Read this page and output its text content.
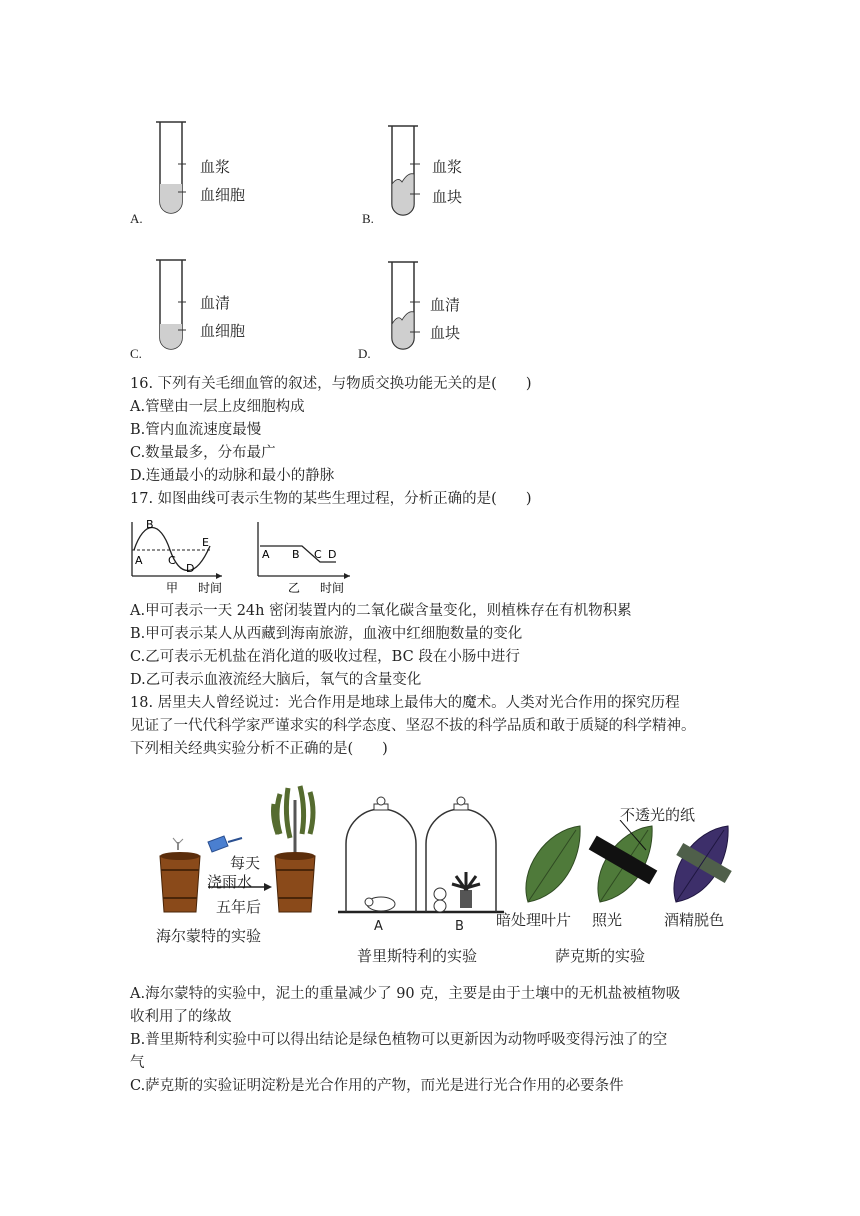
血浆
血细胞
A.
血浆
血块
B.
血清
血细胞
C.
血清
血块
D.
16. 下列有关毛细血管的叙述，与物质交换功能无关的是(　　)
A.管壁由一层上皮细胞构成
B.管内血流速度最慢
C.数量最多，分布最广
D.连通最小的动脉和最小的静脉
17. 如图曲线可表示生物的某些生理过程，分析正确的是(　　)
B
A C
D
E
甲 时间
A B C D
乙 时间
A.甲可表示一天 24h 密闭装置内的二氧化碳含量变化，则植株存在有机物积累
B.甲可表示某人从西藏到海南旅游，血液中红细胞数量的变化
C.乙可表示无机盐在消化道的吸收过程，BC 段在小肠中进行
D.乙可表示血液流经大脑后，氧气的含量变化
18. 居里夫人曾经说过：光合作用是地球上最伟大的魔术。人类对光合作用的探究历程
见证了一代代科学家严谨求实的科学态度、坚忍不拔的科学品质和敢于质疑的科学精神。
下列相关经典实验分析不正确的是(　　)
每天
浇雨水
五年后
海尔蒙特的实验
A	B
普里斯特利的实验
不透光的纸
暗处理叶片 照光	酒精脱色
萨克斯的实验
A.海尔蒙特的实验中，泥土的重量减少了 90 克，主要是由于土壤中的无机盐被植物吸
收利用了的缘故
B.普里斯特利实验中可以得出结论是绿色植物可以更新因为动物呼吸变得污浊了的空
气
C.萨克斯的实验证明淀粉是光合作用的产物，而光是进行光合作用的必要条件
